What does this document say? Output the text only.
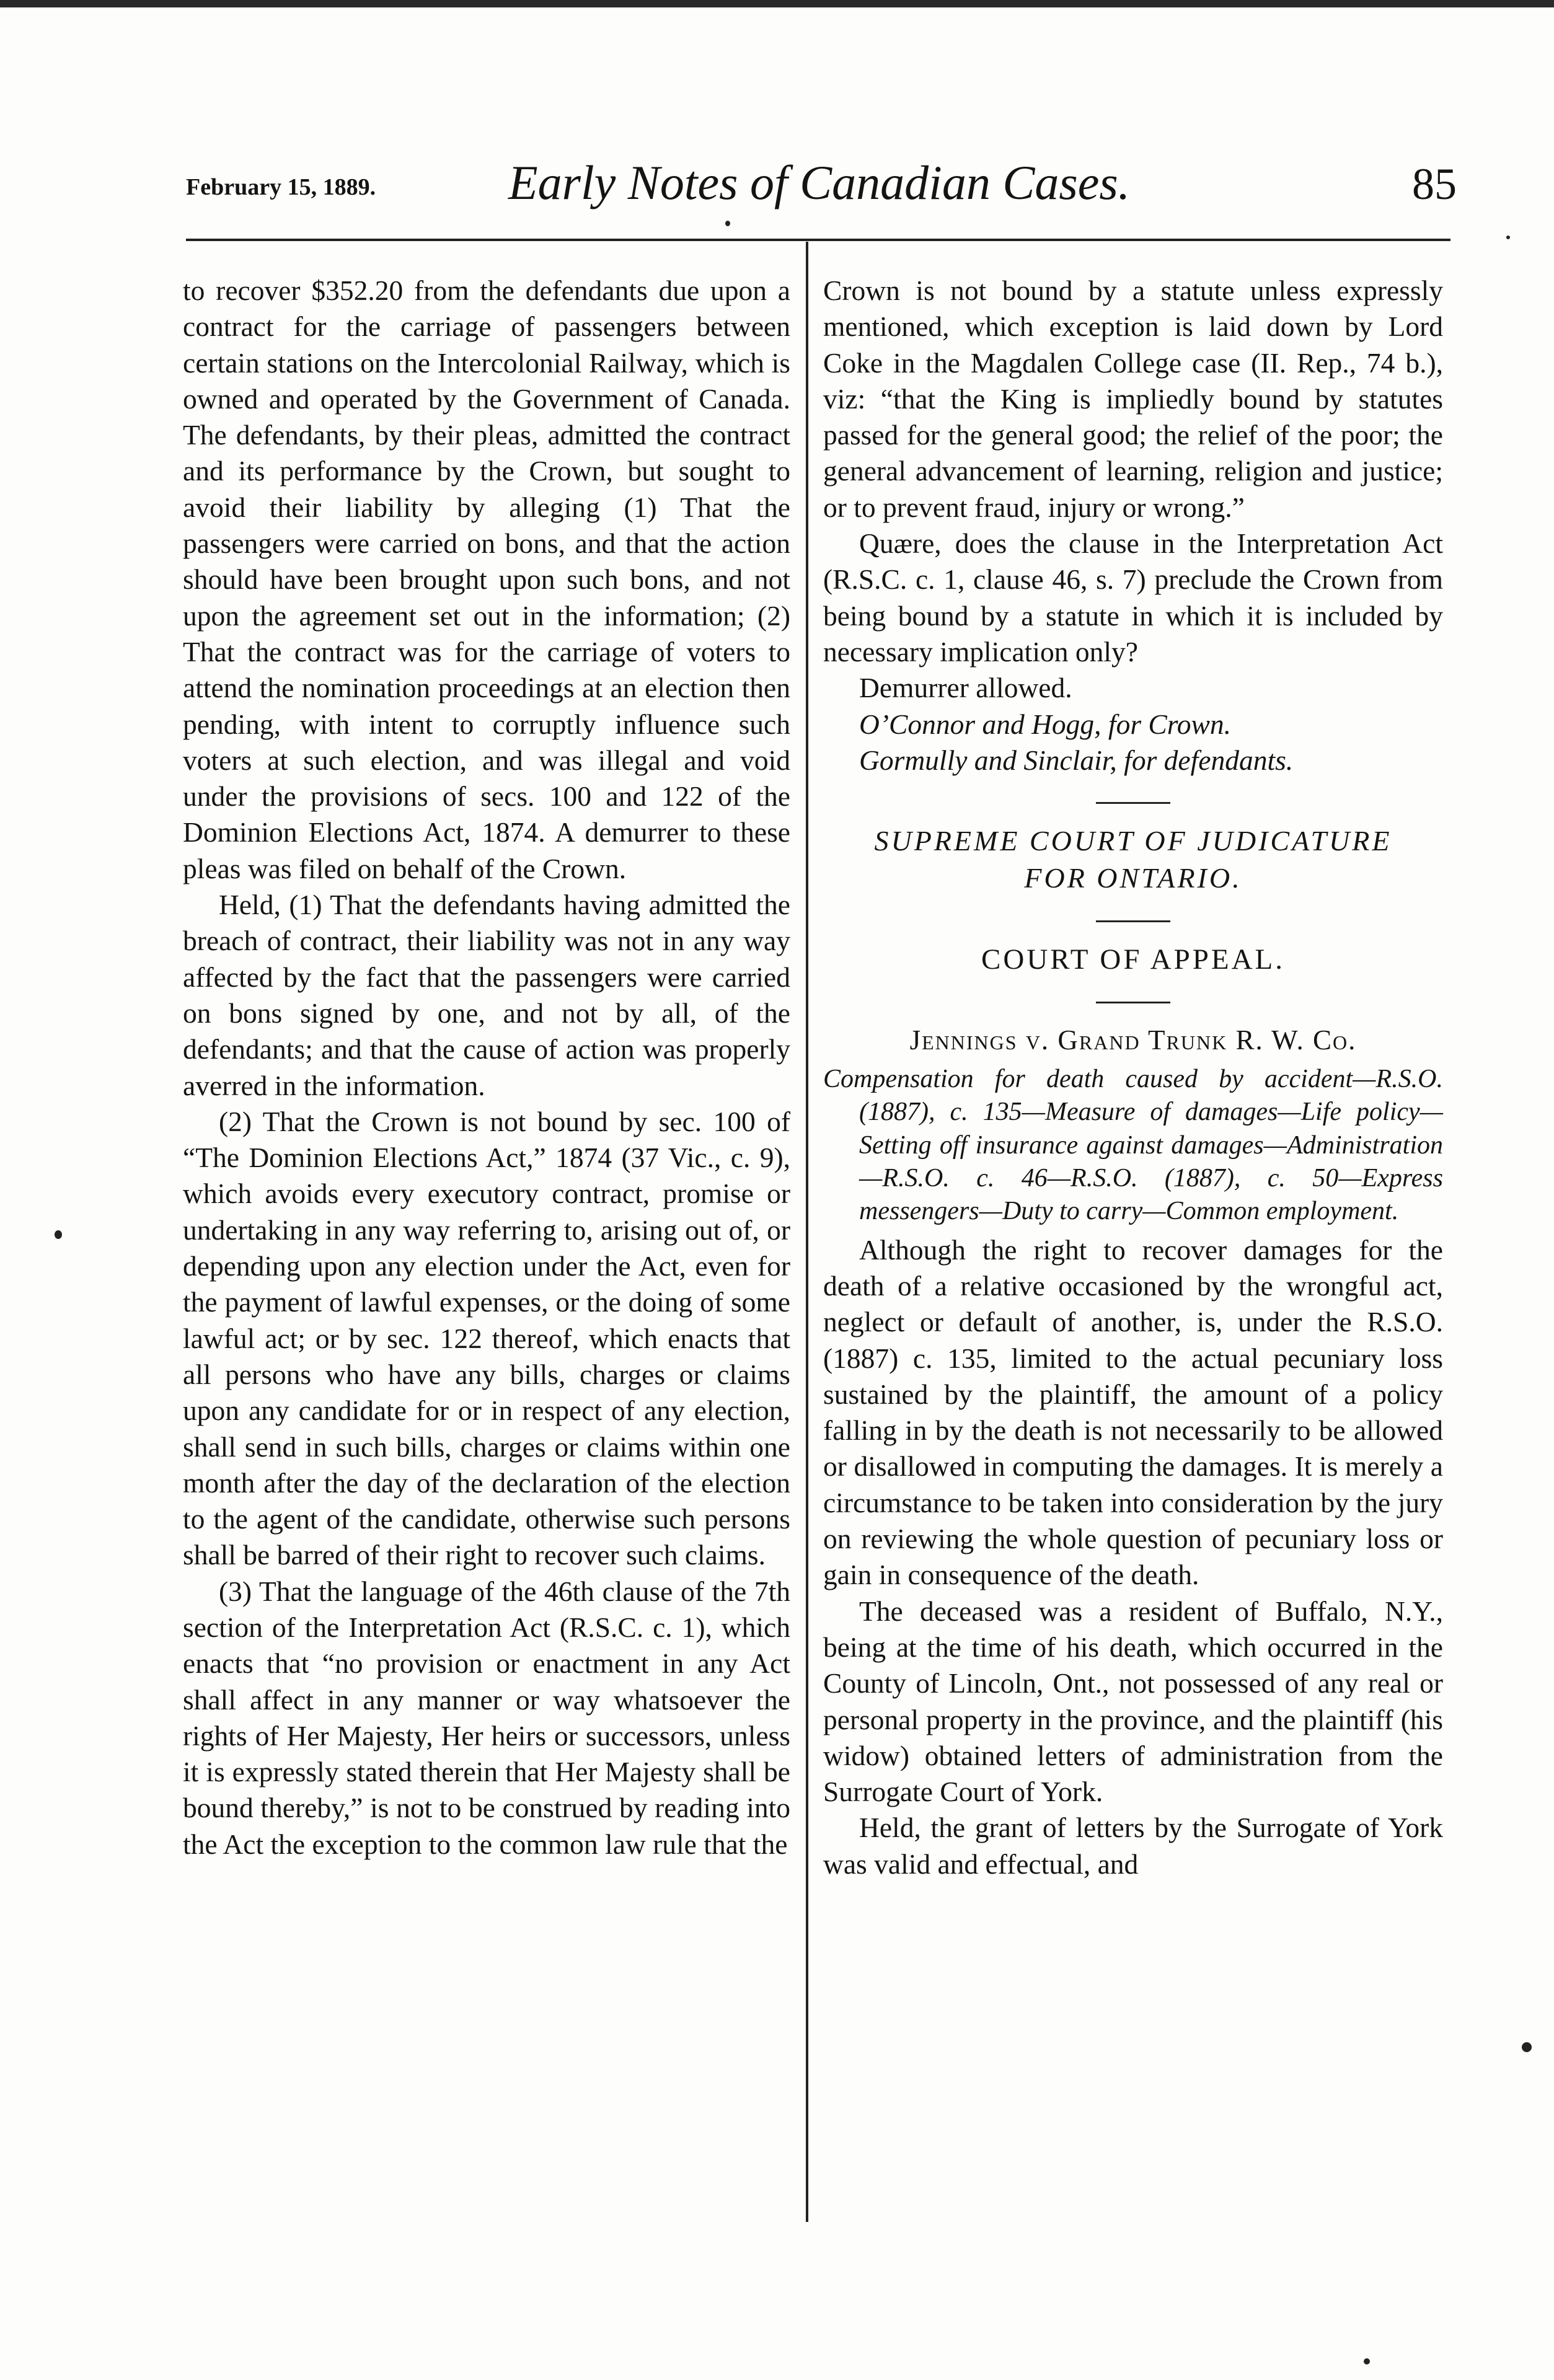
February 15, 1889.	Early Notes of Canadian Cases.	85

to recover $352.20 from the defendants due upon a contract for the carriage of passengers between certain stations on the Intercolonial Railway, which is owned and operated by the Government of Canada. The defendants, by their pleas, admitted the contract and its performance by the Crown, but sought to avoid their liability by alleging (1) That the passengers were carried on bons, and that the action should have been brought upon such bons, and not upon the agreement set out in the information; (2) That the contract was for the carriage of voters to attend the nomination proceedings at an election then pending, with intent to corruptly influence such voters at such election, and was illegal and void under the provisions of secs. 100 and 122 of the Dominion Elections Act, 1874. A demurrer to these pleas was filed on behalf of the Crown.

Held, (1) That the defendants having admitted the breach of contract, their liability was not in any way affected by the fact that the passengers were carried on bons signed by one, and not by all, of the defendants; and that the cause of action was properly averred in the information.

(2) That the Crown is not bound by sec. 100 of “The Dominion Elections Act,” 1874 (37 Vic., c. 9), which avoids every executory contract, promise or undertaking in any way referring to, arising out of, or depending upon any election under the Act, even for the payment of lawful expenses, or the doing of some lawful act; or by sec. 122 thereof, which enacts that all persons who have any bills, charges or claims upon any candidate for or in respect of any election, shall send in such bills, charges or claims within one month after the day of the declaration of the election to the agent of the candidate, otherwise such persons shall be barred of their right to recover such claims.

(3) That the language of the 46th clause of the 7th section of the Interpretation Act (R.S.C. c. 1), which enacts that “no provision or enactment in any Act shall affect in any manner or way whatsoever the rights of Her Majesty, Her heirs or successors, unless it is expressly stated therein that Her Majesty shall be bound thereby,” is not to be construed by reading into the Act the exception to the common law rule that the

Crown is not bound by a statute unless expressly mentioned, which exception is laid down by Lord Coke in the Magdalen College case (II. Rep., 74 b.), viz: “that the King is impliedly bound by statutes passed for the general good; the relief of the poor; the general advancement of learning, religion and justice; or to prevent fraud, injury or wrong.”

Quære, does the clause in the Interpretation Act (R.S.C. c. 1, clause 46, s. 7) preclude the Crown from being bound by a statute in which it is included by necessary implication only?

Demurrer allowed.

O’Connor and Hogg, for Crown.

Gormully and Sinclair, for defendants.

SUPREME COURT OF JUDICATURE
FOR ONTARIO.
COURT OF APPEAL.
Jennings v. Grand Trunk R. W. Co.
Compensation for death caused by accident—R.S.O. (1887), c. 135—Measure of damages—Life policy—Setting off insurance against damages—Administration—R.S.O. c. 46—R.S.O. (1887), c. 50—Express messengers—Duty to carry—Common employment.

Although the right to recover damages for the death of a relative occasioned by the wrongful act, neglect or default of another, is, under the R.S.O. (1887) c. 135, limited to the actual pecuniary loss sustained by the plaintiff, the amount of a policy falling in by the death is not necessarily to be allowed or disallowed in computing the damages. It is merely a circumstance to be taken into consideration by the jury on reviewing the whole question of pecuniary loss or gain in consequence of the death.

The deceased was a resident of Buffalo, N.Y., being at the time of his death, which occurred in the County of Lincoln, Ont., not possessed of any real or personal property in the province, and the plaintiff (his widow) obtained letters of administration from the Surrogate Court of York.

Held, the grant of letters by the Surrogate of York was valid and effectual, and
